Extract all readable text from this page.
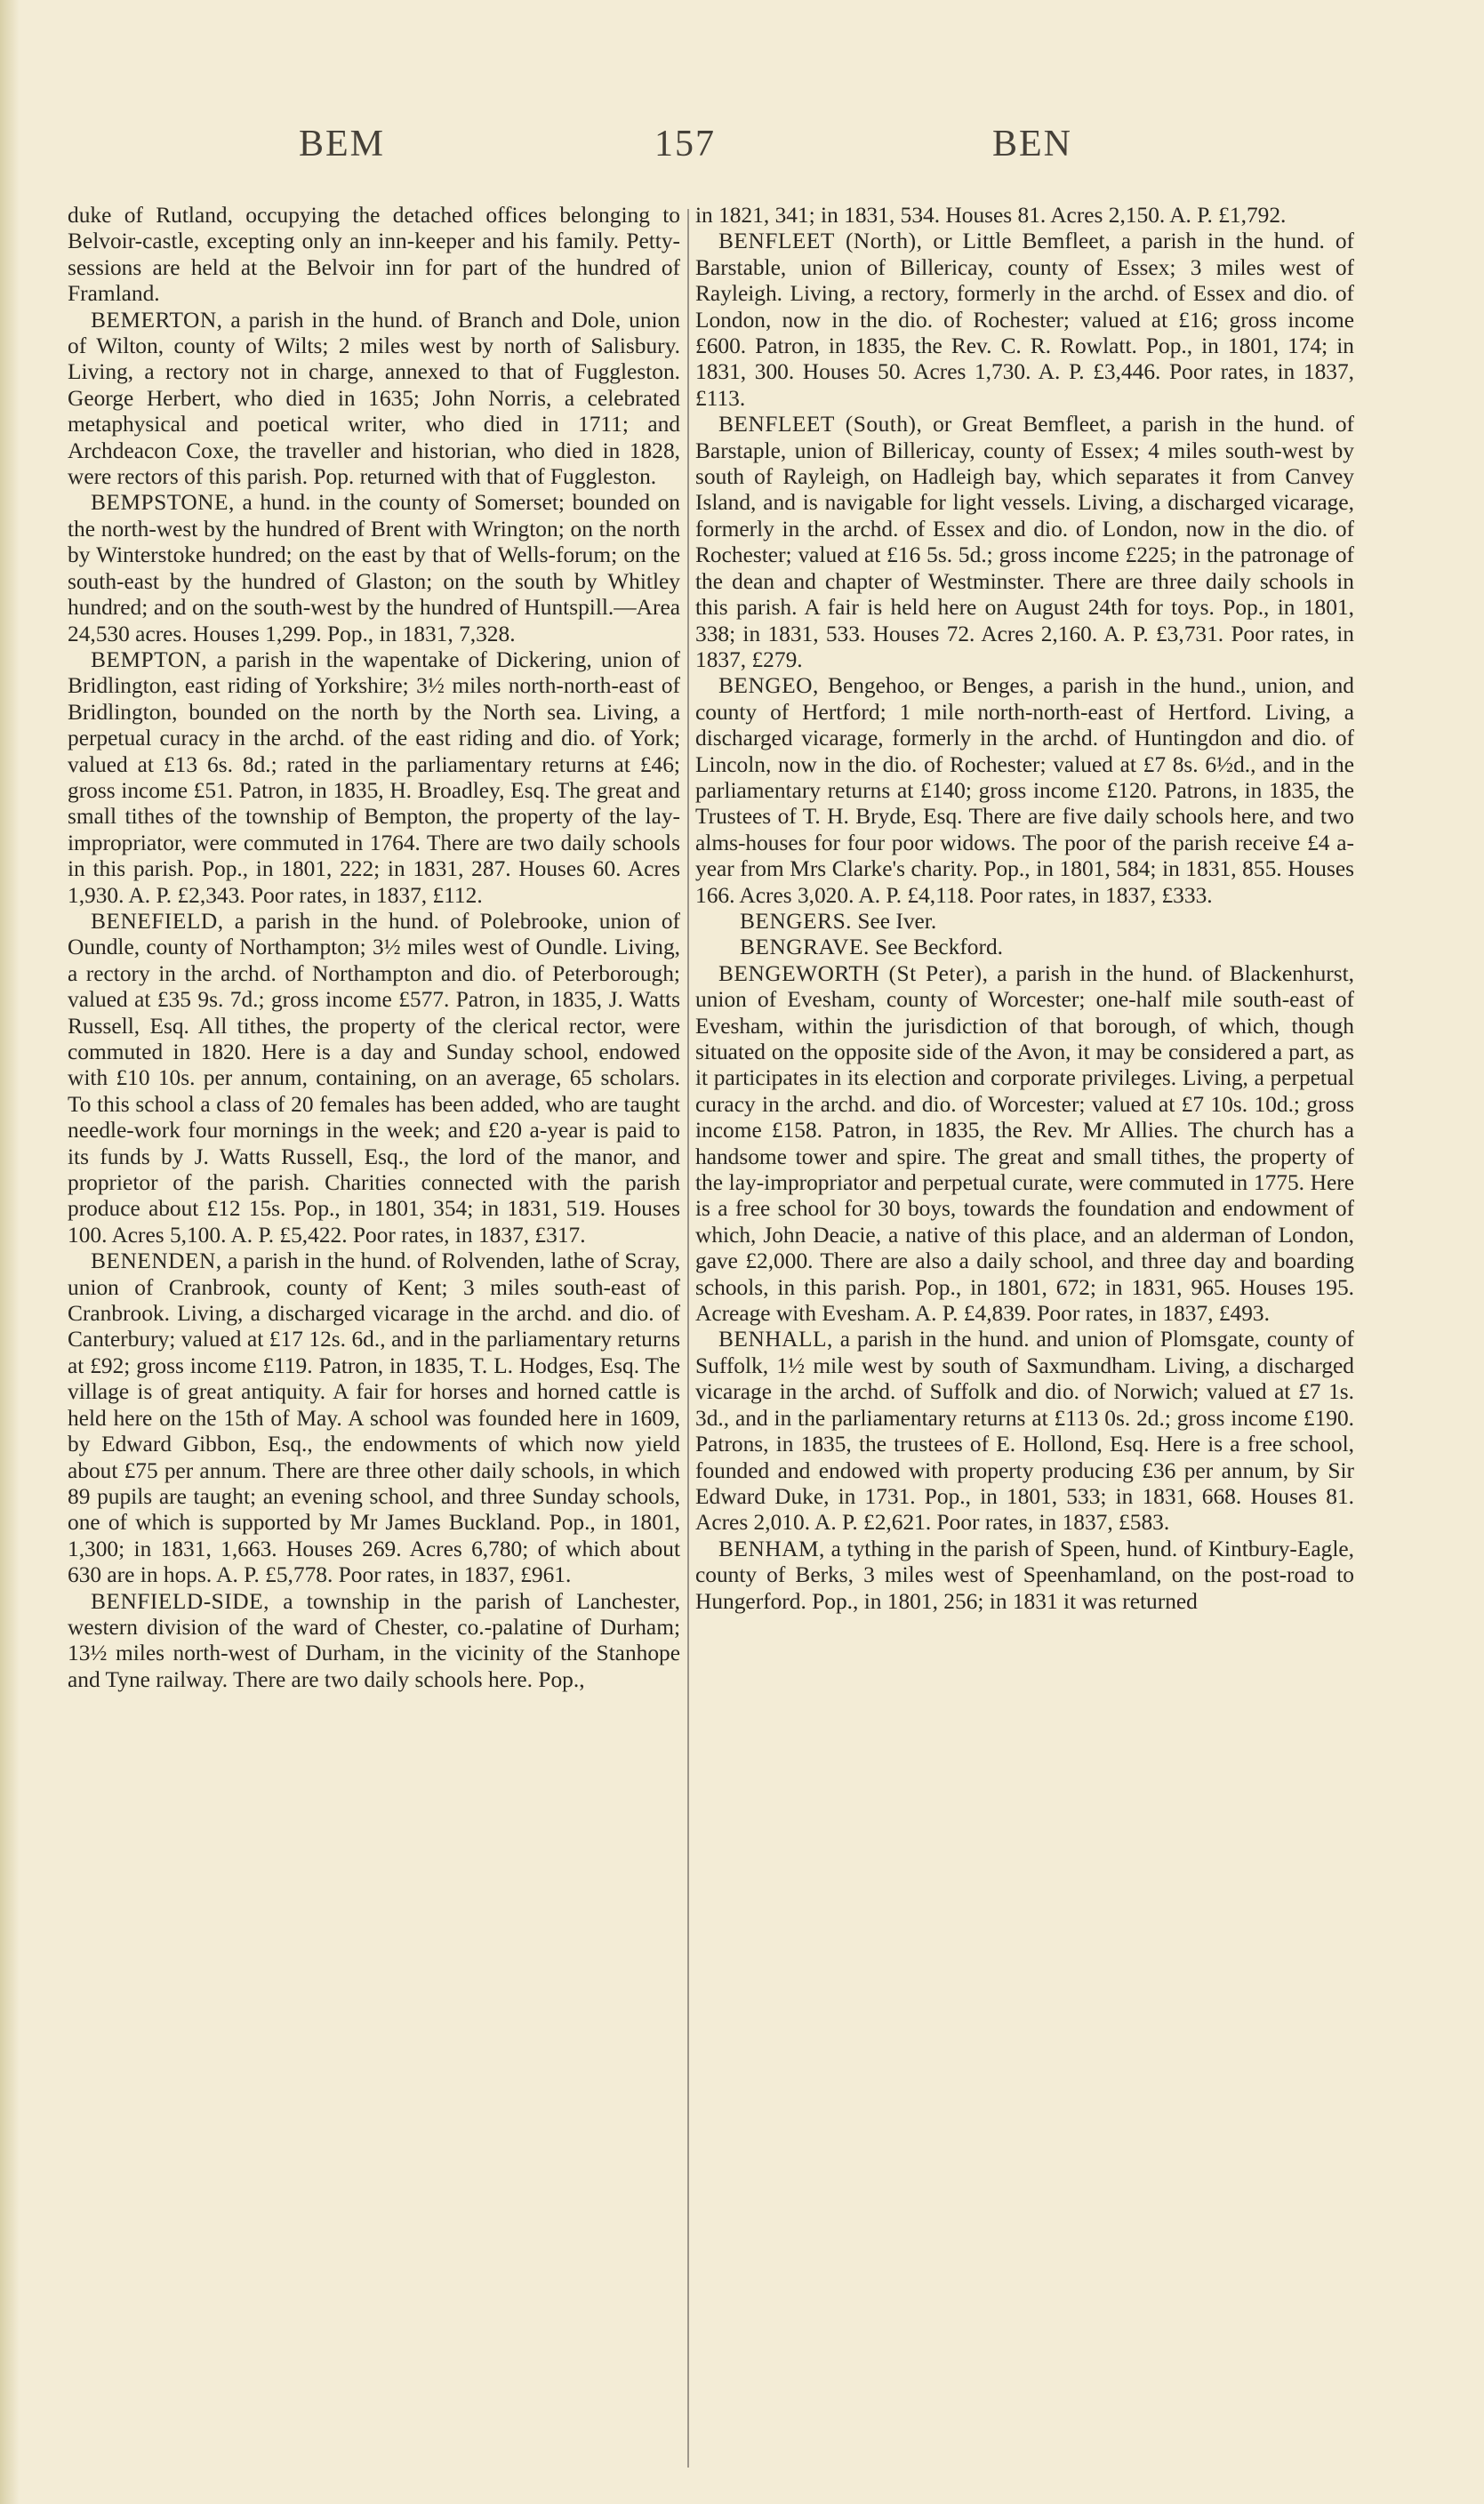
BEM	157	BEN

duke of Rutland, occupying the detached offices belonging to Belvoir-castle, excepting only an inn-keeper and his family. Petty-sessions are held at the Belvoir inn for part of the hundred of Framland.

BEMERTON, a parish in the hund. of Branch and Dole, union of Wilton, county of Wilts; 2 miles west by north of Salisbury. Living, a rectory not in charge, annexed to that of Fuggleston. George Herbert, who died in 1635; John Norris, a celebrated metaphysical and poetical writer, who died in 1711; and Archdeacon Coxe, the traveller and historian, who died in 1828, were rectors of this parish. Pop. returned with that of Fuggleston.

BEMPSTONE, a hund. in the county of Somerset; bounded on the north-west by the hundred of Brent with Wrington; on the north by Winterstoke hundred; on the east by that of Wells-forum; on the south-east by the hundred of Glaston; on the south by Whitley hundred; and on the south-west by the hundred of Huntspill.—Area 24,530 acres. Houses 1,299. Pop., in 1831, 7,328.

BEMPTON, a parish in the wapentake of Dickering, union of Bridlington, east riding of Yorkshire; 3½ miles north-north-east of Bridlington, bounded on the north by the North sea. Living, a perpetual curacy in the archd. of the east riding and dio. of York; valued at £13 6s. 8d.; rated in the parliamentary returns at £46; gross income £51. Patron, in 1835, H. Broadley, Esq. The great and small tithes of the township of Bempton, the property of the lay-impropriator, were commuted in 1764. There are two daily schools in this parish. Pop., in 1801, 222; in 1831, 287. Houses 60. Acres 1,930. A. P. £2,343. Poor rates, in 1837, £112.

BENEFIELD, a parish in the hund. of Polebrooke, union of Oundle, county of Northampton; 3½ miles west of Oundle. Living, a rectory in the archd. of Northampton and dio. of Peterborough; valued at £35 9s. 7d.; gross income £577. Patron, in 1835, J. Watts Russell, Esq. All tithes, the property of the clerical rector, were commuted in 1820. Here is a day and Sunday school, endowed with £10 10s. per annum, containing, on an average, 65 scholars. To this school a class of 20 females has been added, who are taught needle-work four mornings in the week; and £20 a-year is paid to its funds by J. Watts Russell, Esq., the lord of the manor, and proprietor of the parish. Charities connected with the parish produce about £12 15s. Pop., in 1801, 354; in 1831, 519. Houses 100. Acres 5,100. A. P. £5,422. Poor rates, in 1837, £317.

BENENDEN, a parish in the hund. of Rolvenden, lathe of Scray, union of Cranbrook, county of Kent; 3 miles south-east of Cranbrook. Living, a discharged vicarage in the archd. and dio. of Canterbury; valued at £17 12s. 6d., and in the parliamentary returns at £92; gross income £119. Patron, in 1835, T. L. Hodges, Esq. The village is of great antiquity. A fair for horses and horned cattle is held here on the 15th of May. A school was founded here in 1609, by Edward Gibbon, Esq., the endowments of which now yield about £75 per annum. There are three other daily schools, in which 89 pupils are taught; an evening school, and three Sunday schools, one of which is supported by Mr James Buckland. Pop., in 1801, 1,300; in 1831, 1,663. Houses 269. Acres 6,780; of which about 630 are in hops. A. P. £5,778. Poor rates, in 1837, £961.

BENFIELD-SIDE, a township in the parish of Lanchester, western division of the ward of Chester, co.-palatine of Durham; 13½ miles north-west of Durham, in the vicinity of the Stanhope and Tyne railway. There are two daily schools here. Pop.,

in 1821, 341; in 1831, 534. Houses 81. Acres 2,150. A. P. £1,792.

BENFLEET (North), or Little Bemfleet, a parish in the hund. of Barstable, union of Billericay, county of Essex; 3 miles west of Rayleigh. Living, a rectory, formerly in the archd. of Essex and dio. of London, now in the dio. of Rochester; valued at £16; gross income £600. Patron, in 1835, the Rev. C. R. Rowlatt. Pop., in 1801, 174; in 1831, 300. Houses 50. Acres 1,730. A. P. £3,446. Poor rates, in 1837, £113.

BENFLEET (South), or Great Bemfleet, a parish in the hund. of Barstaple, union of Billericay, county of Essex; 4 miles south-west by south of Rayleigh, on Hadleigh bay, which separates it from Canvey Island, and is navigable for light vessels. Living, a discharged vicarage, formerly in the archd. of Essex and dio. of London, now in the dio. of Rochester; valued at £16 5s. 5d.; gross income £225; in the patronage of the dean and chapter of Westminster. There are three daily schools in this parish. A fair is held here on August 24th for toys. Pop., in 1801, 338; in 1831, 533. Houses 72. Acres 2,160. A. P. £3,731. Poor rates, in 1837, £279.

BENGEO, Bengehoo, or Benges, a parish in the hund., union, and county of Hertford; 1 mile north-north-east of Hertford. Living, a discharged vicarage, formerly in the archd. of Huntingdon and dio. of Lincoln, now in the dio. of Rochester; valued at £7 8s. 6½d., and in the parliamentary returns at £140; gross income £120. Patrons, in 1835, the Trustees of T. H. Bryde, Esq. There are five daily schools here, and two alms-houses for four poor widows. The poor of the parish receive £4 a-year from Mrs Clarke's charity. Pop., in 1801, 584; in 1831, 855. Houses 166. Acres 3,020. A. P. £4,118. Poor rates, in 1837, £333.

BENGERS. See Iver.

BENGRAVE. See Beckford.

BENGEWORTH (St Peter), a parish in the hund. of Blackenhurst, union of Evesham, county of Worcester; one-half mile south-east of Evesham, within the jurisdiction of that borough, of which, though situated on the opposite side of the Avon, it may be considered a part, as it participates in its election and corporate privileges. Living, a perpetual curacy in the archd. and dio. of Worcester; valued at £7 10s. 10d.; gross income £158. Patron, in 1835, the Rev. Mr Allies. The church has a handsome tower and spire. The great and small tithes, the property of the lay-impropriator and perpetual curate, were commuted in 1775. Here is a free school for 30 boys, towards the foundation and endowment of which, John Deacie, a native of this place, and an alderman of London, gave £2,000. There are also a daily school, and three day and boarding schools, in this parish. Pop., in 1801, 672; in 1831, 965. Houses 195. Acreage with Evesham. A. P. £4,839. Poor rates, in 1837, £493.

BENHALL, a parish in the hund. and union of Plomsgate, county of Suffolk, 1½ mile west by south of Saxmundham. Living, a discharged vicarage in the archd. of Suffolk and dio. of Norwich; valued at £7 1s. 3d., and in the parliamentary returns at £113 0s. 2d.; gross income £190. Patrons, in 1835, the trustees of E. Hollond, Esq. Here is a free school, founded and endowed with property producing £36 per annum, by Sir Edward Duke, in 1731. Pop., in 1801, 533; in 1831, 668. Houses 81. Acres 2,010. A. P. £2,621. Poor rates, in 1837, £583.

BENHAM, a tything in the parish of Speen, hund. of Kintbury-Eagle, county of Berks, 3 miles west of Speenhamland, on the post-road to Hungerford. Pop., in 1801, 256; in 1831 it was returned
